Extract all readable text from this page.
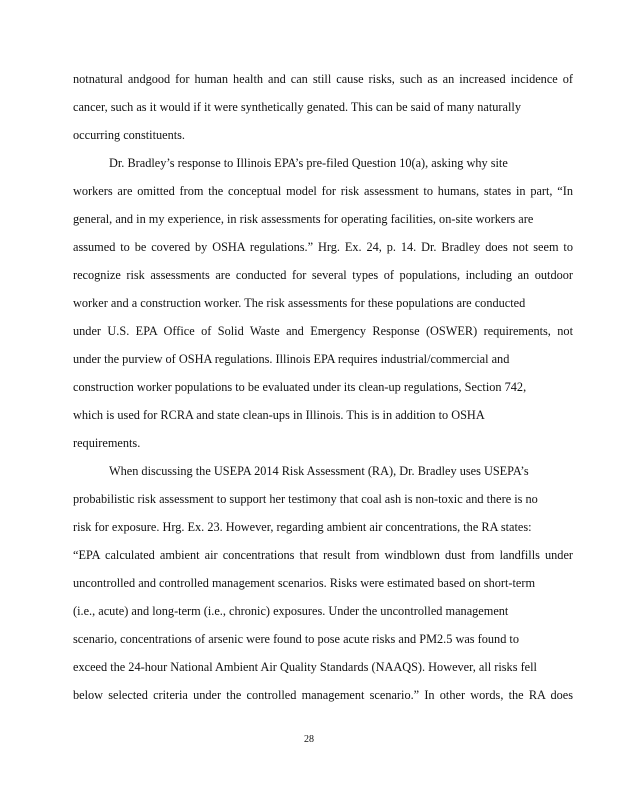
notnatural andgood for human health and can still cause risks, such as an increased incidence of
cancer, such as it would if it were synthetically genated. This can be said of many naturally
occurring constituents.
Dr. Bradley’s response to Illinois EPA’s pre-filed Question 10(a), asking why site
workers are omitted from the conceptual model for risk assessment to humans, states in part, “In
general, and in my experience, in risk assessments for operating facilities, on-site workers are
assumed to be covered by OSHA regulations.” Hrg. Ex. 24, p. 14. Dr. Bradley does not seem to
recognize risk assessments are conducted for several types of populations, including an outdoor
worker and a construction worker. The risk assessments for these populations are conducted
under U.S. EPA Office of Solid Waste and Emergency Response (OSWER) requirements, not
under the purview of OSHA regulations. Illinois EPA requires industrial/commercial and
construction worker populations to be evaluated under its clean-up regulations, Section 742,
which is used for RCRA and state clean-ups in Illinois. This is in addition to OSHA
requirements.
When discussing the USEPA 2014 Risk Assessment (RA), Dr. Bradley uses USEPA’s
probabilistic risk assessment to support her testimony that coal ash is non-toxic and there is no
risk for exposure. Hrg. Ex. 23. However, regarding ambient air concentrations, the RA states:
“EPA calculated ambient air concentrations that result from windblown dust from landfills under
uncontrolled and controlled management scenarios. Risks were estimated based on short-term
(i.e., acute) and long-term (i.e., chronic) exposures. Under the uncontrolled management
scenario, concentrations of arsenic were found to pose acute risks and PM2.5 was found to
exceed the 24-hour National Ambient Air Quality Standards (NAAQS). However, all risks fell
below selected criteria under the controlled management scenario.” In other words, the RA does
28
